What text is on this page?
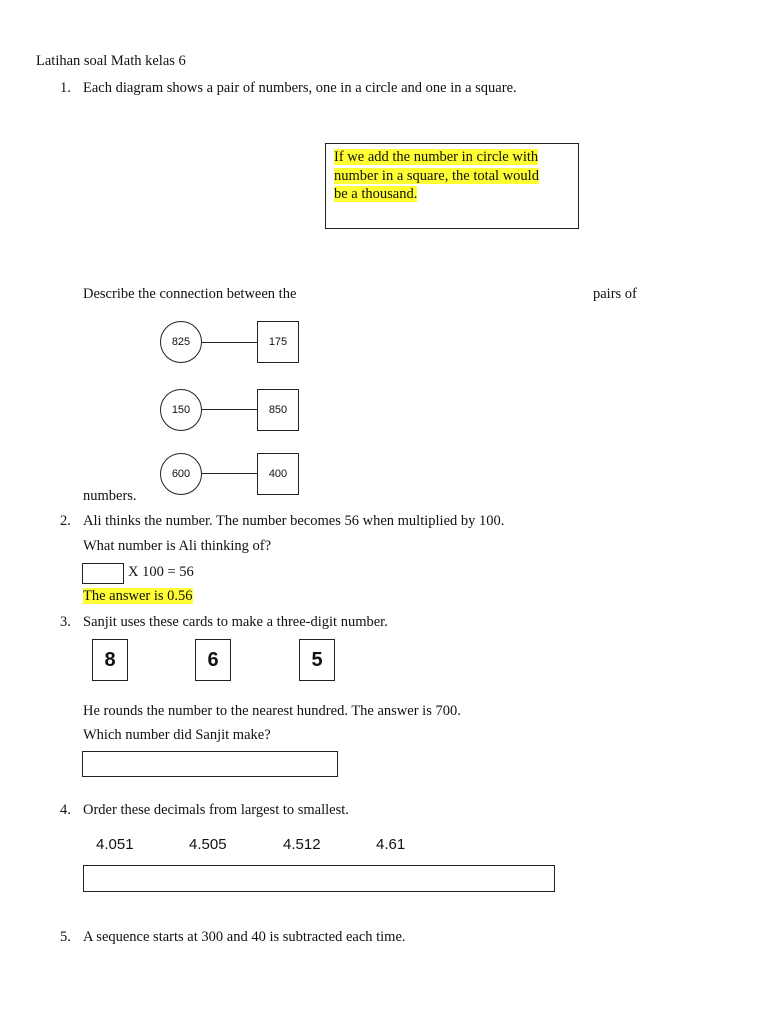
Latihan soal Math kelas 6
1. Each diagram shows a pair of numbers, one in a circle and one in a square.
If we add the number in circle with
number in a square, the total would
be a thousand.
Describe the connection between the	pairs of
825	175
150	850
600	400
numbers.
2. Ali thinks the number. The number becomes 56 when multiplied by 100.
What number is Ali thinking of?
X 100 = 56
The answer is 0.56
3. Sanjit uses these cards to make a three-digit number.
8	6	5
He rounds the number to the nearest hundred. The answer is 700.
Which number did Sanjit make?
4. Order these decimals from largest to smallest.
4.051	4.505	4.512	4.61
5. A sequence starts at 300 and 40 is subtracted each time.
